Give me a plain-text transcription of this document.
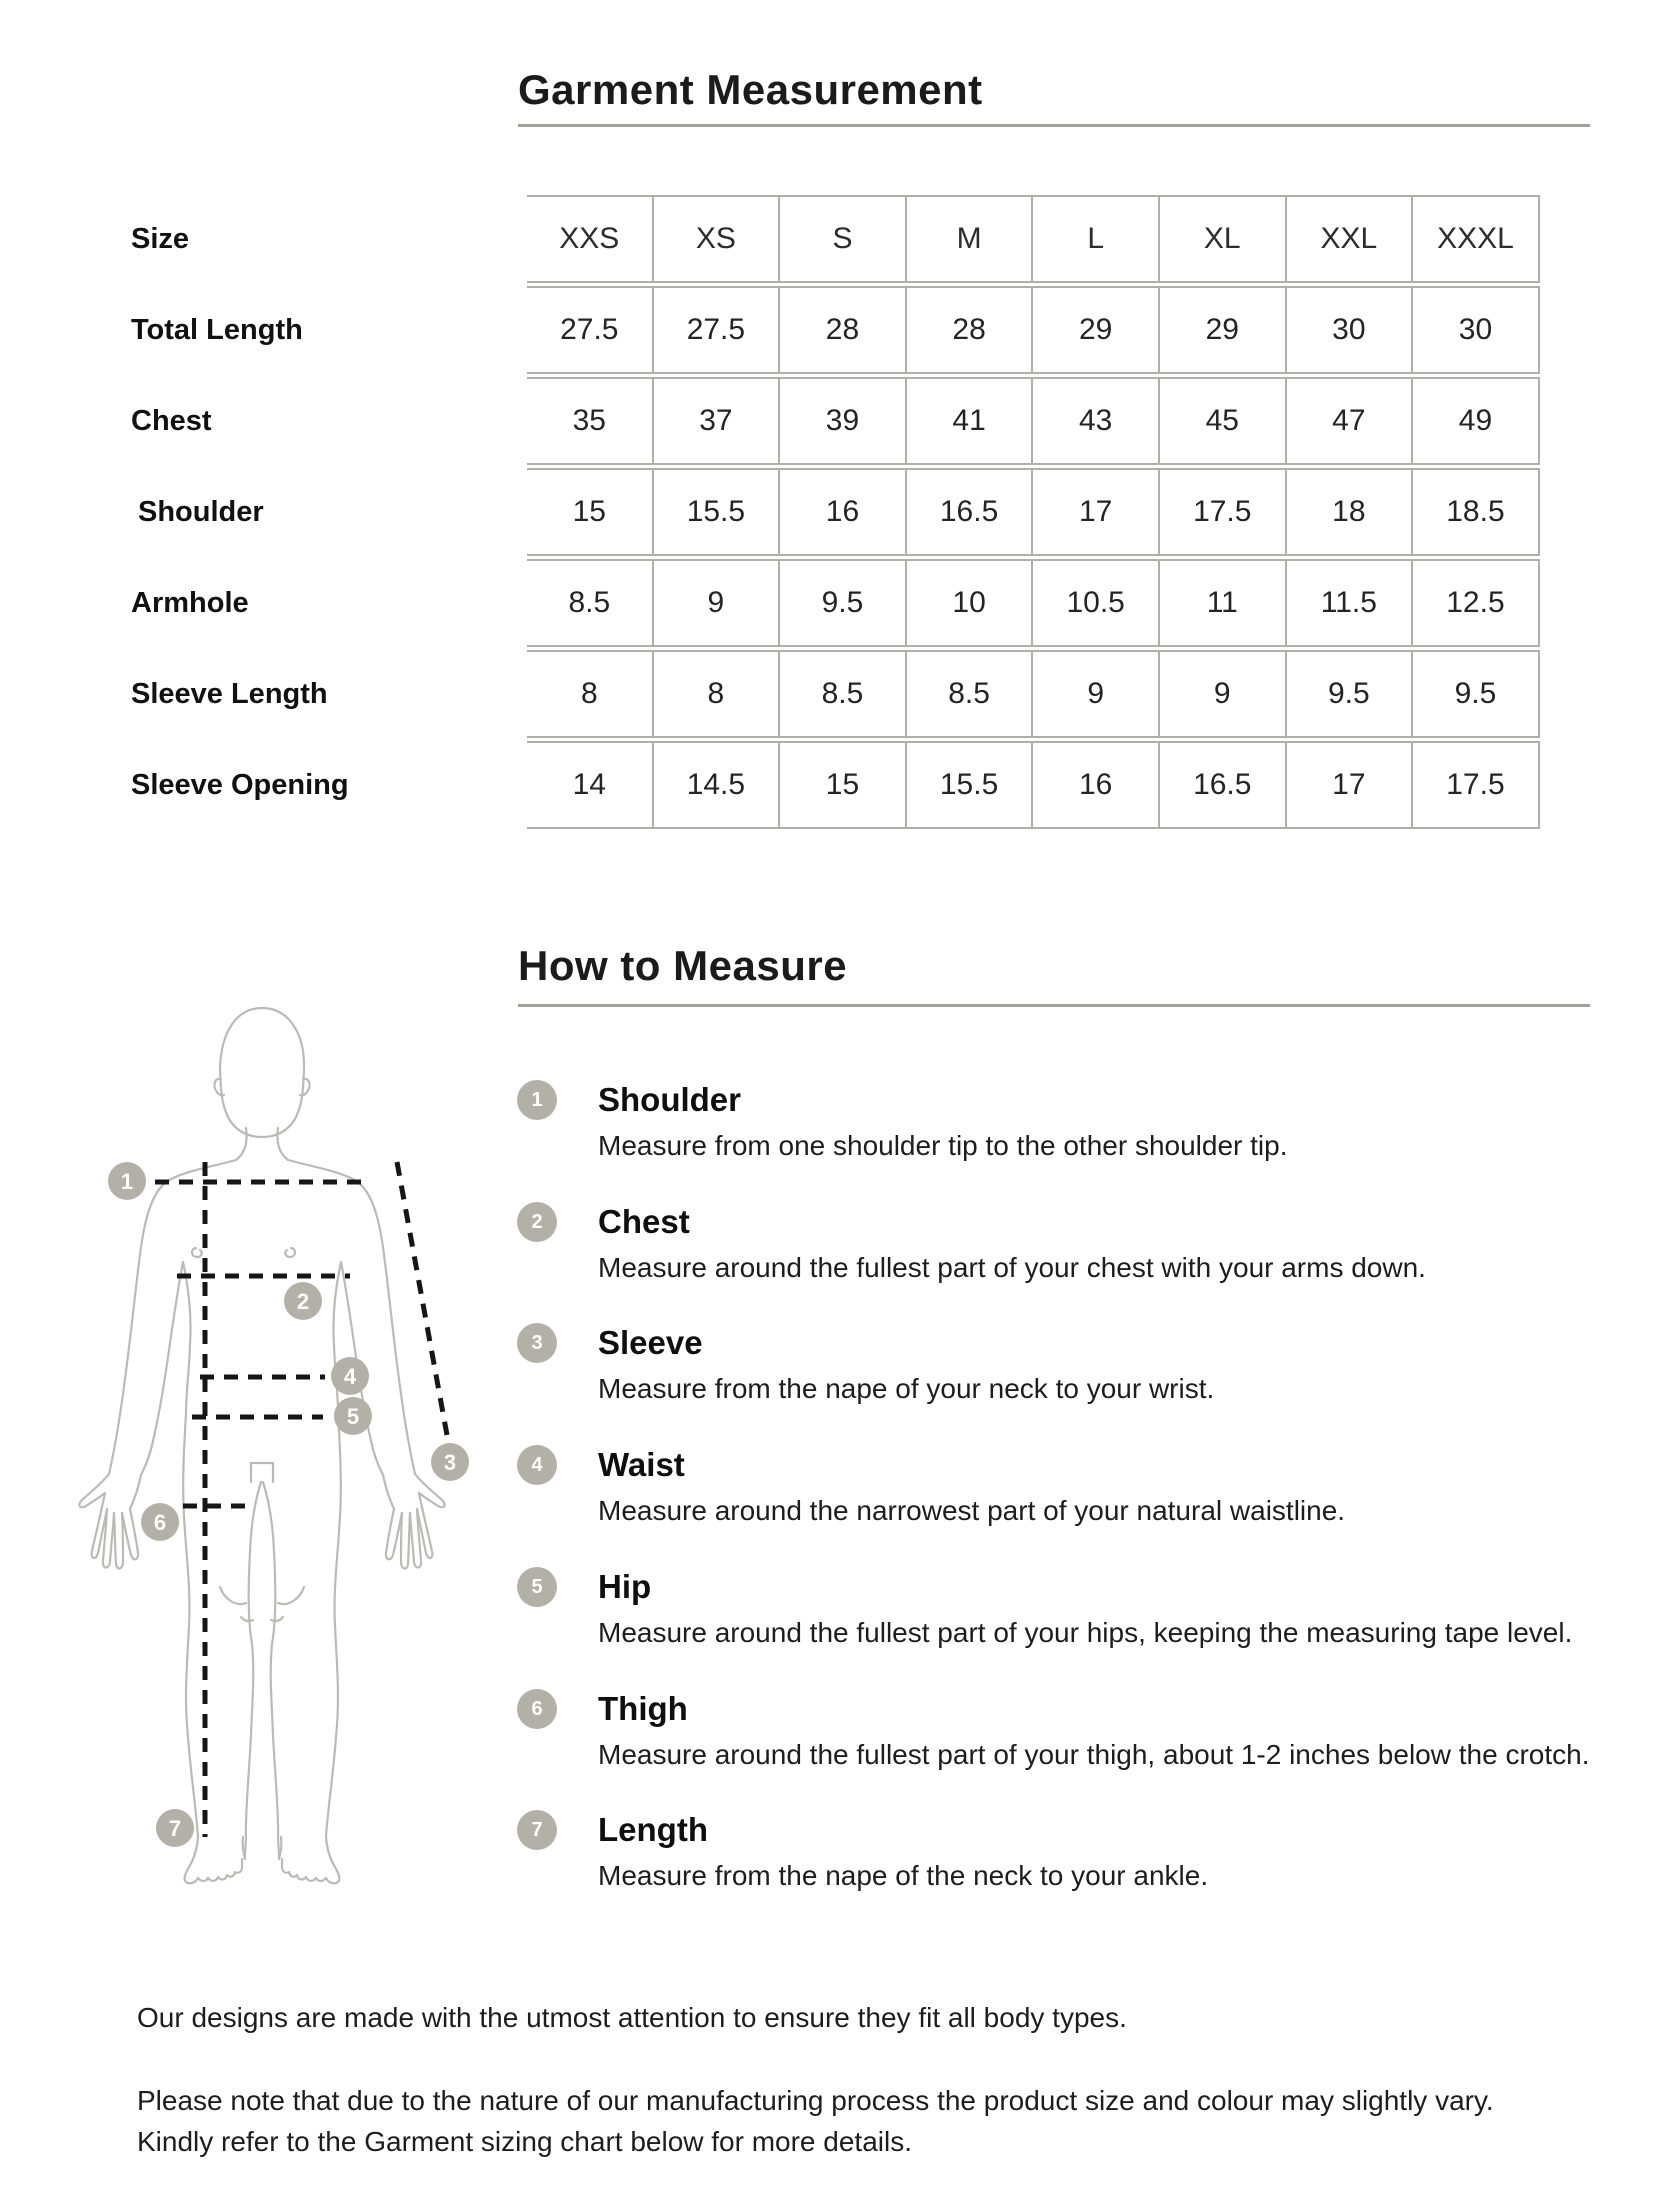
Garment Measurement
Size	XXS	XS	S	M	L	XL	XXL	XXXL
Total Length	27.5	27.5	28	28	29	29	30	30
Chest	35	37	39	41	43	45	47	49
Shoulder	15	15.5	16	16.5	17	17.5	18	18.5
Armhole	8.5	9	9.5	10	10.5	11	11.5	12.5
Sleeve Length	8	8	8.5	8.5	9	9	9.5	9.5
Sleeve Opening	14	14.5	15	15.5	16	16.5	17	17.5
How to Measure
1	Shoulder
Measure from one shoulder tip to the other shoulder tip.
2	Chest
Measure around the fullest part of your chest with your arms down.
3	Sleeve
Measure from the nape of your neck to your wrist.
4	Waist
Measure around the narrowest part of your natural waistline.
5	Hip
Measure around the fullest part of your hips, keeping the measuring tape level.
6	Thigh
Measure around the fullest part of your thigh, about 1-2 inches below the crotch.
7	Length
Measure from the nape of the neck to your ankle.
1
2
3
4
5
6
7

Our designs are made with the utmost attention to ensure they fit all body types.

Please note that due to the nature of our manufacturing process the product size and colour may slightly vary.

Kindly refer to the Garment sizing chart below for more details.
